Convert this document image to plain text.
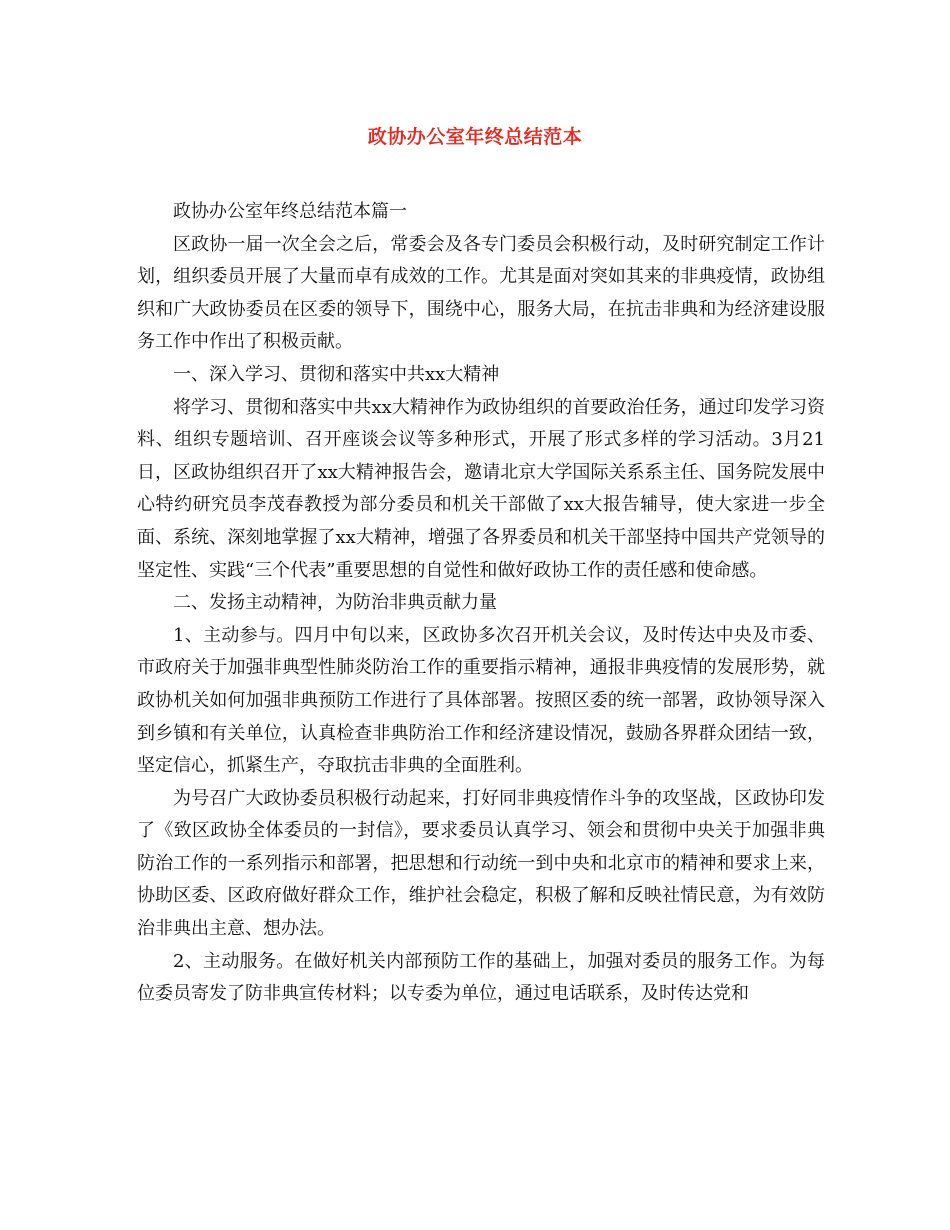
政协办公室年终总结范本

政协办公室年终总结范本篇一

区政协一届一次全会之后，常委会及各专门委员会积极行动，及时研究制定工作计划，组织委员开展了大量而卓有成效的工作。尤其是面对突如其来的非典疫情，政协组织和广大政协委员在区委的领导下，围绕中心，服务大局，在抗击非典和为经济建设服务工作中作出了积极贡献。

一、深入学习、贯彻和落实中共xx大精神

将学习、贯彻和落实中共xx大精神作为政协组织的首要政治任务，通过印发学习资料、组织专题培训、召开座谈会议等多种形式，开展了形式多样的学习活动。3月21日，区政协组织召开了xx大精神报告会，邀请北京大学国际关系系主任、国务院发展中心特约研究员李茂春教授为部分委员和机关干部做了xx大报告辅导，使大家进一步全面、系统、深刻地掌握了xx大精神，增强了各界委员和机关干部坚持中国共产党领导的坚定性、实践“三个代表”重要思想的自觉性和做好政协工作的责任感和使命感。

二、发扬主动精神，为防治非典贡献力量

1、主动参与。四月中旬以来，区政协多次召开机关会议，及时传达中央及市委、市政府关于加强非典型性肺炎防治工作的重要指示精神，通报非典疫情的发展形势，就政协机关如何加强非典预防工作进行了具体部署。按照区委的统一部署，政协领导深入到乡镇和有关单位，认真检查非典防治工作和经济建设情况，鼓励各界群众团结一致，坚定信心，抓紧生产，夺取抗击非典的全面胜利。

为号召广大政协委员积极行动起来，打好同非典疫情作斗争的攻坚战，区政协印发了《致区政协全体委员的一封信》，要求委员认真学习、领会和贯彻中央关于加强非典防治工作的一系列指示和部署，把思想和行动统一到中央和北京市的精神和要求上来，协助区委、区政府做好群众工作，维护社会稳定，积极了解和反映社情民意，为有效防治非典出主意、想办法。

2、主动服务。在做好机关内部预防工作的基础上，加强对委员的服务工作。为每位委员寄发了防非典宣传材料；以专委为单位，通过电话联系，及时传达党和
